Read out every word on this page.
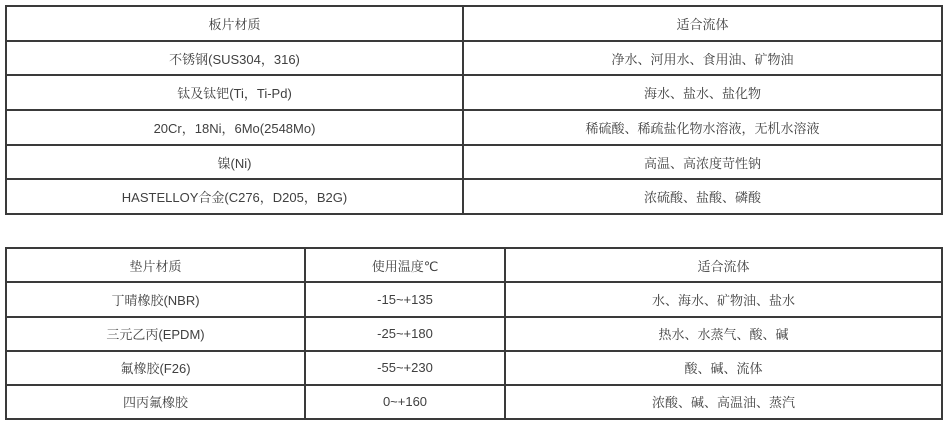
板片材质	适合流体
不锈钢(SUS304，316)	净水、河用水、食用油、矿物油
钛及钛钯(Ti，Ti-Pd)	海水、盐水、盐化物
20Cr，18Ni，6Mo(2548Mo)	稀硫酸、稀疏盐化物水溶液，无机水溶液
镍(Ni)	高温、高浓度苛性钠
HASTELLOY合金(C276，D205，B2G)	浓硫酸、盐酸、磷酸
垫片材质	使用温度℃	适合流体
丁晴橡胶(NBR)	-15~+135	水、海水、矿物油、盐水
三元乙丙(EPDM)	-25~+180	热水、水蒸气、酸、碱
氟橡胶(F26)	-55~+230	酸、碱、流体
四丙氟橡胶	0~+160	浓酸、碱、高温油、蒸汽
